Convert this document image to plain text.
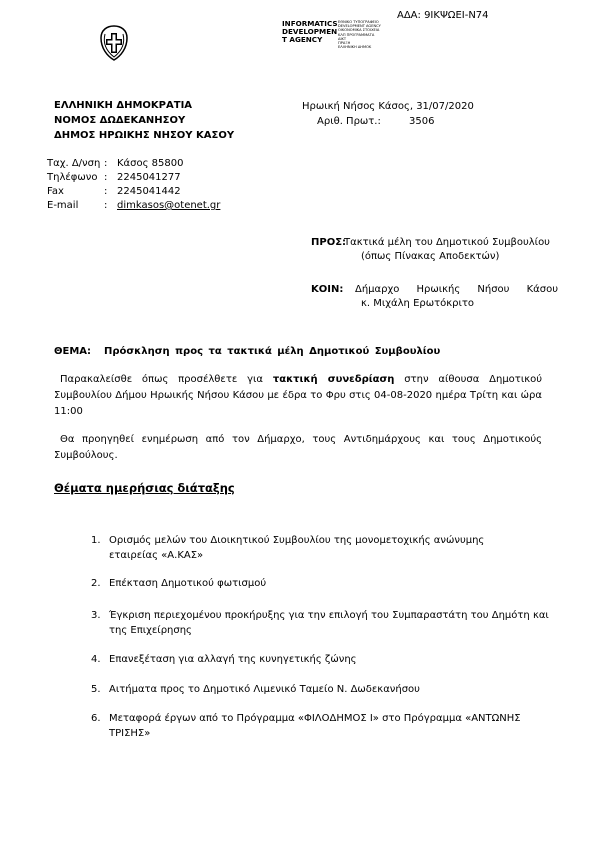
ΑΔΑ: 9ΙΚΨΩΕΙ-Ν74
INFORMATICS
DEVELOPMEN
T AGENCY
ΕΘΝΙΚΟ ΤΥΠΟΓΡΑΦΕΙΟ
DEVELOPMENT AGENCY
ΟΙΚΟΝΟΜΙΚΑ ΣΤΟΙΧΕΙΑ
ΚΛΠ ΠΡΟΓΡΑΜΜΑΤΑ
ΔΙΚΤ
ΠΡΑΞΗ
ΕΛΛΗΝΙΚΗ ΔΗΜΟΚ
ΕΛΛΗΝΙΚΗ ΔΗΜΟΚΡΑΤΙΑ
ΝΟΜΟΣ ΔΩΔΕΚΑΝΗΣΟΥ
ΔΗΜΟΣ ΗΡΩΙΚΗΣ ΝΗΣΟΥ ΚΑΣΟΥ
Ηρωική Νήσος Κάσος, 31/07/2020
Αριθ. Πρωτ.:	3506
Ταχ. Δ/νση : Κάσος 85800
Τηλέφωνο : 2245041277
Fax	: 2245041442
E-mail	: dimkasos@otenet.gr
ΠΡΟΣ:
Τακτικά μέλη του Δημοτικού Συμβουλίου
(όπως Πίνακας Αποδεκτών)
ΚΟΙΝ: Δήμαρχο Ηρωικής Νήσου Κάσου
κ. Μιχάλη Ερωτόκριτο
ΘΕΜΑ: Πρόσκληση προς τα τακτικά μέλη Δημοτικού Συμβουλίου
Παρακαλείσθε όπως προσέλθετε για τακτική συνεδρίαση στην αίθουσα Δημοτικού Συμβουλίου Δήμου Ηρωικής Νήσου Κάσου με έδρα το Φρυ στις 04-08-2020 ημέρα Τρίτη και ώρα 11:00
Θα προηγηθεί ενημέρωση από τον Δήμαρχο, τους Αντιδημάρχους και τους Δημοτικούς Συμβούλους.
Θέματα ημερήσιας διάταξης
1. Ορισμός μελών του Διοικητικού Συμβουλίου της μονομετοχικής ανώνυμης εταιρείας «Α.ΚΑΣ»
2. Επέκταση Δημοτικού φωτισμού
3. Έγκριση περιεχομένου προκήρυξης για την επιλογή του Συμπαραστάτη του Δημότη και της Επιχείρησης
4. Επανεξέταση για αλλαγή της κυνηγετικής ζώνης
5. Αιτήματα προς το Δημοτικό Λιμενικό Ταμείο Ν. Δωδεκανήσου
6. Μεταφορά έργων από το Πρόγραμμα «ΦΙΛΟΔΗΜΟΣ Ι» στο Πρόγραμμα «ΑΝΤΩΝΗΣ ΤΡΙΣΗΣ»
